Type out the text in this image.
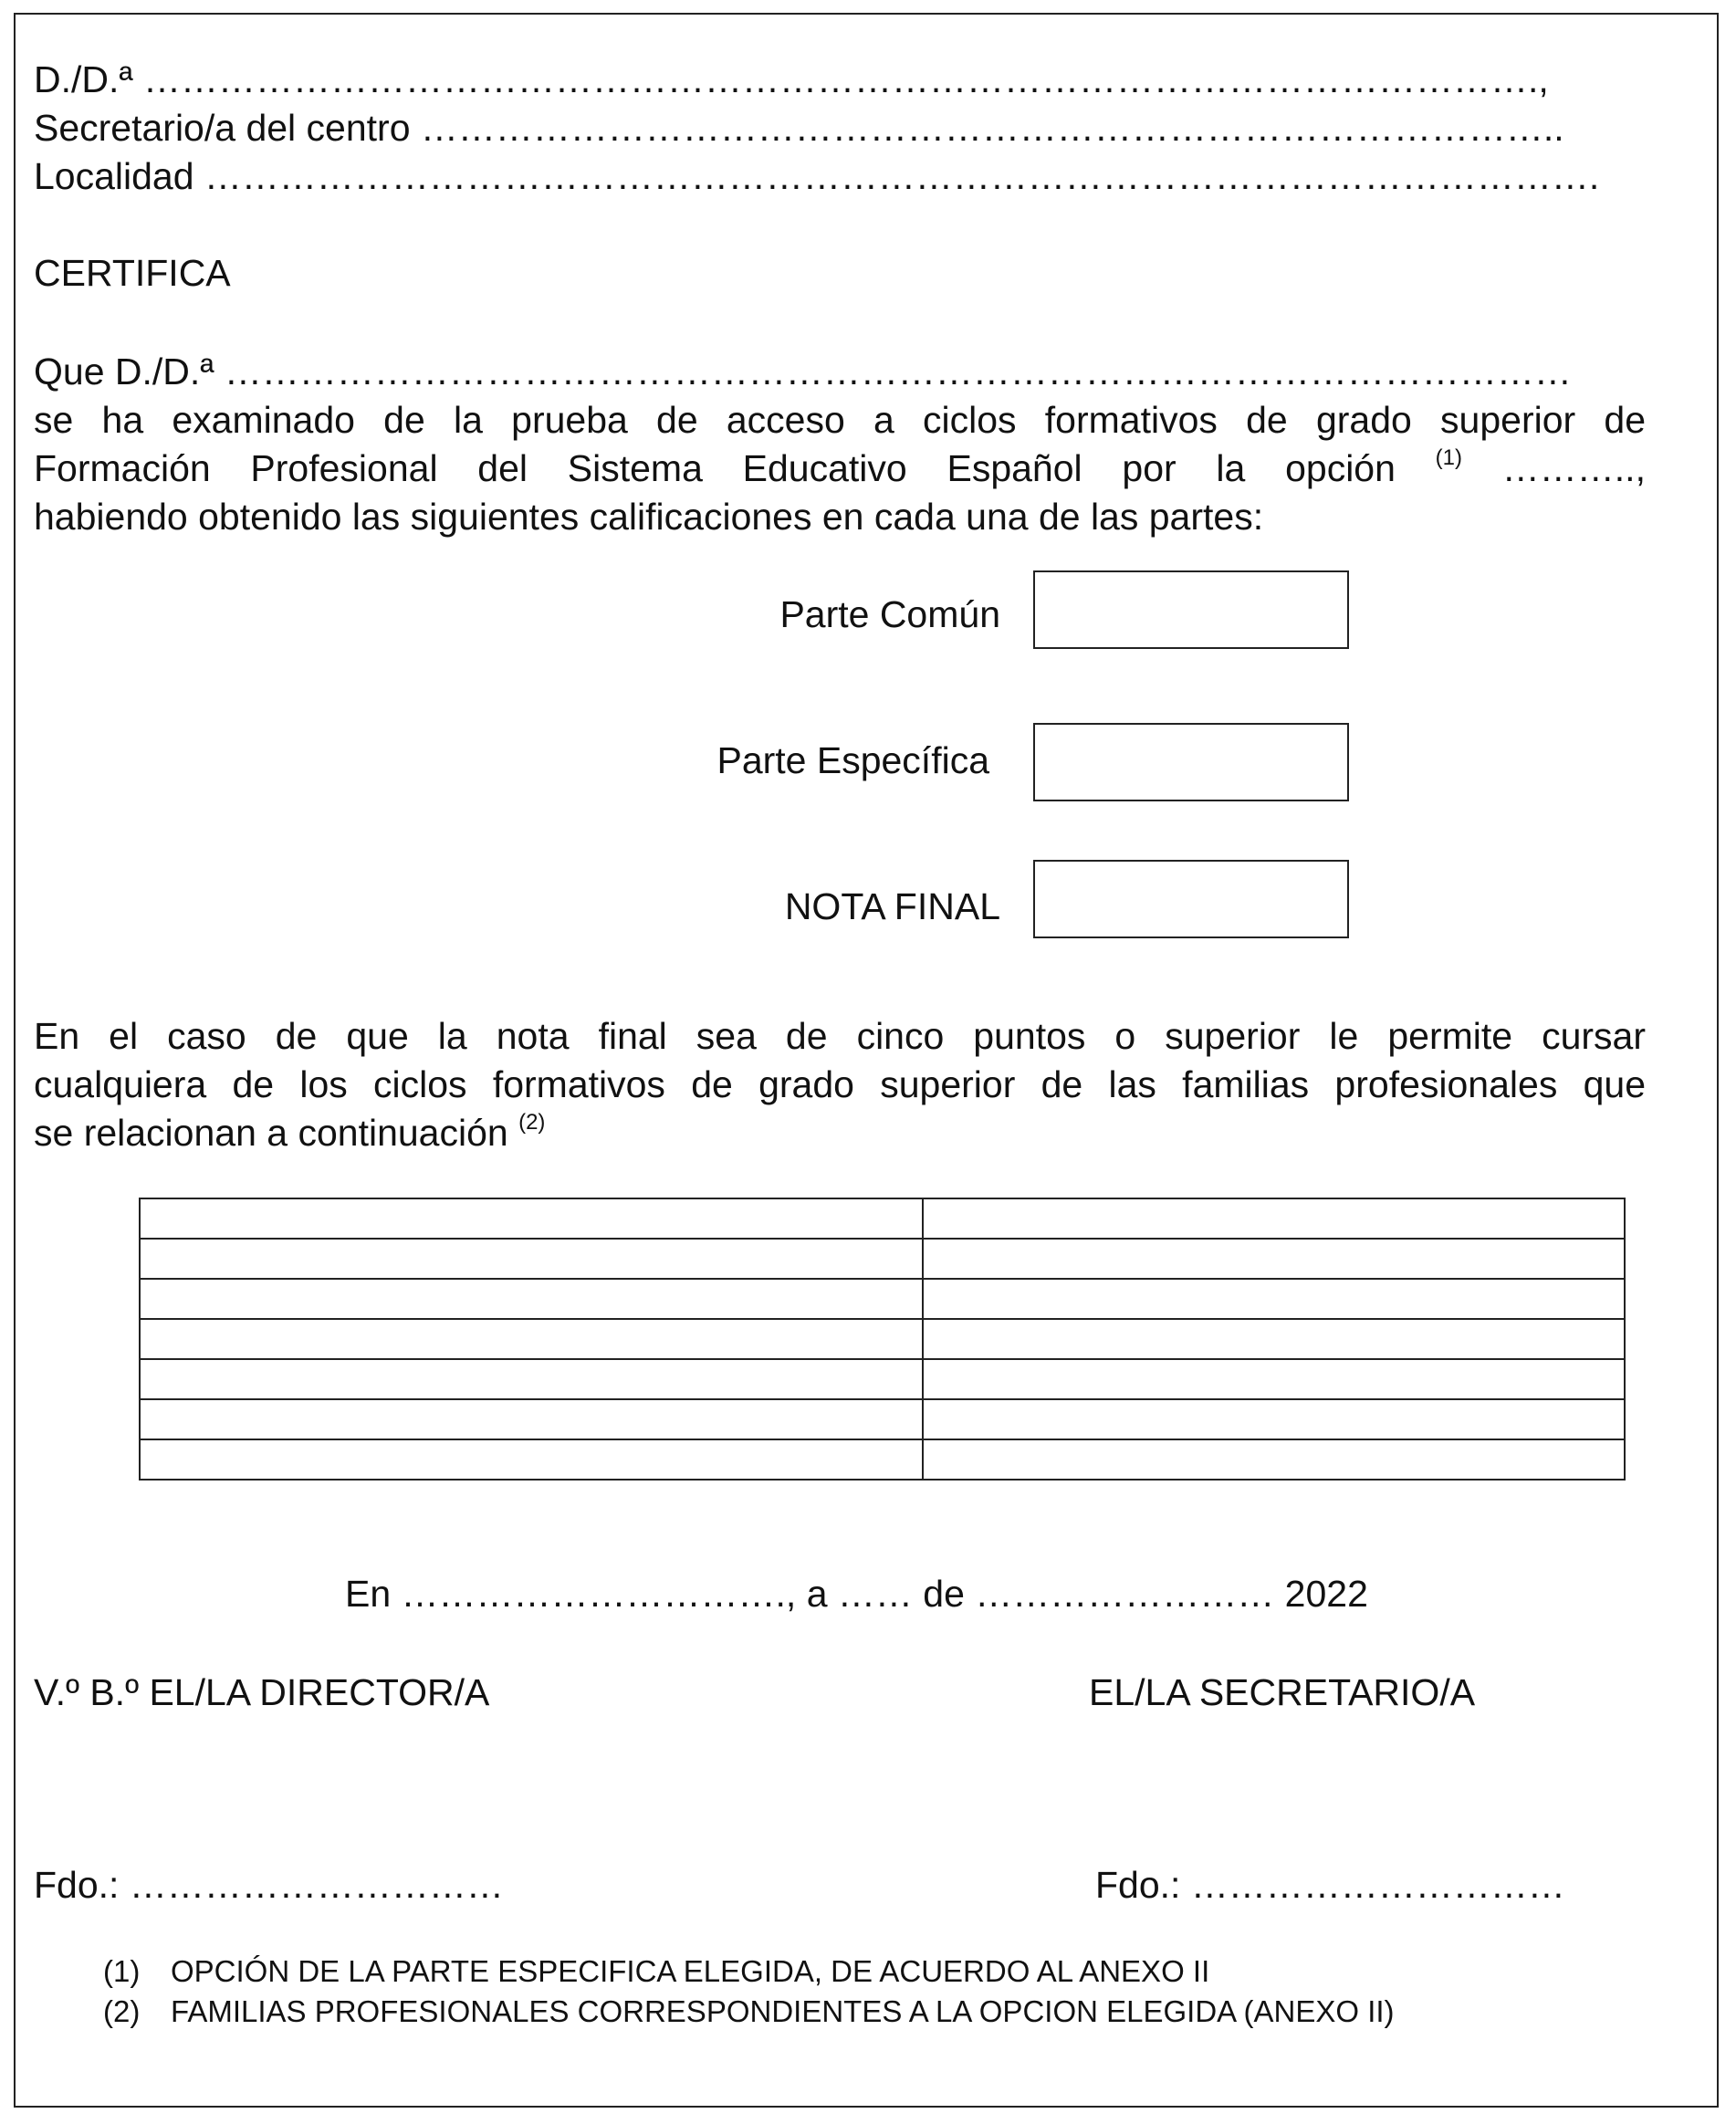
D./D.ª ………………………………………………………………………………………………….,
Secretario/a del centro ………………………………………………………………………………..
Localidad ………………………………………………………………………………………………….
CERTIFICA
Que D./D.ª ………………………………………………………………………………………………
se ha examinado de la prueba de acceso a ciclos formativos de grado superior de
Formación Profesional del Sistema Educativo Español por la opción $^{(1)}$ ………..,
habiendo obtenido las siguientes calificaciones en cada una de las partes:
Parte Común
Parte Específica
NOTA FINAL
En el caso de que la nota final sea de cinco puntos o superior le permite cursar
cualquiera de los ciclos formativos de grado superior de las familias profesionales que
se relacionan a continuación $^{(2)}$

En …………………………., a …… de …………………… 2022
V.º B.º EL/LA DIRECTOR/A	EL/LA SECRETARIO/A
Fdo.: …………………………	Fdo.: …………………………
(1) OPCIÓN DE LA PARTE ESPECIFICA ELEGIDA, DE ACUERDO AL ANEXO II
(2) FAMILIAS PROFESIONALES CORRESPONDIENTES A LA OPCION ELEGIDA (ANEXO II)
